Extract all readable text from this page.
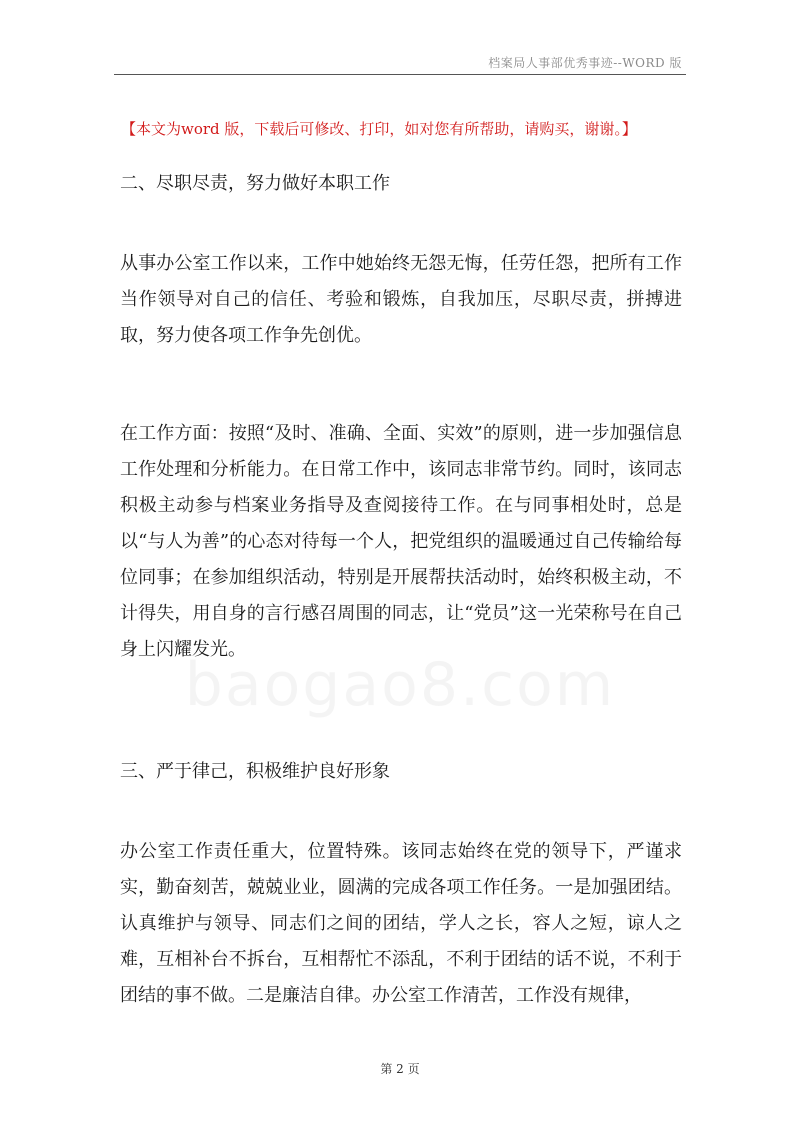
档案局人事部优秀事迹--WORD 版
【本文为word 版，下载后可修改、打印，如对您有所帮助，请购买，谢谢。】
二、尽职尽责，努力做好本职工作

从事办公室工作以来，工作中她始终无怨无悔，任劳任怨，把所有工作当作领导对自己的信任、考验和锻炼，自我加压，尽职尽责，拼搏进取，努力使各项工作争先创优。

在工作方面：按照“及时、准确、全面、实效”的原则，进一步加强信息工作处理和分析能力。在日常工作中，该同志非常节约。同时，该同志积极主动参与档案业务指导及查阅接待工作。在与同事相处时，总是以“与人为善”的心态对待每一个人，把党组织的温暖通过自己传输给每位同事；在参加组织活动，特别是开展帮扶活动时，始终积极主动，不计得失，用自身的言行感召周围的同志，让“党员”这一光荣称号在自己身上闪耀发光。

三、严于律己，积极维护良好形象

办公室工作责任重大，位置特殊。该同志始终在党的领导下，严谨求实，勤奋刻苦，兢兢业业，圆满的完成各项工作任务。一是加强团结。认真维护与领导、同志们之间的团结，学人之长，容人之短，谅人之难，互相补台不拆台，互相帮忙不添乱，不利于团结的话不说，不利于团结的事不做。二是廉洁自律。办公室工作清苦，工作没有规律，

第 2 页
